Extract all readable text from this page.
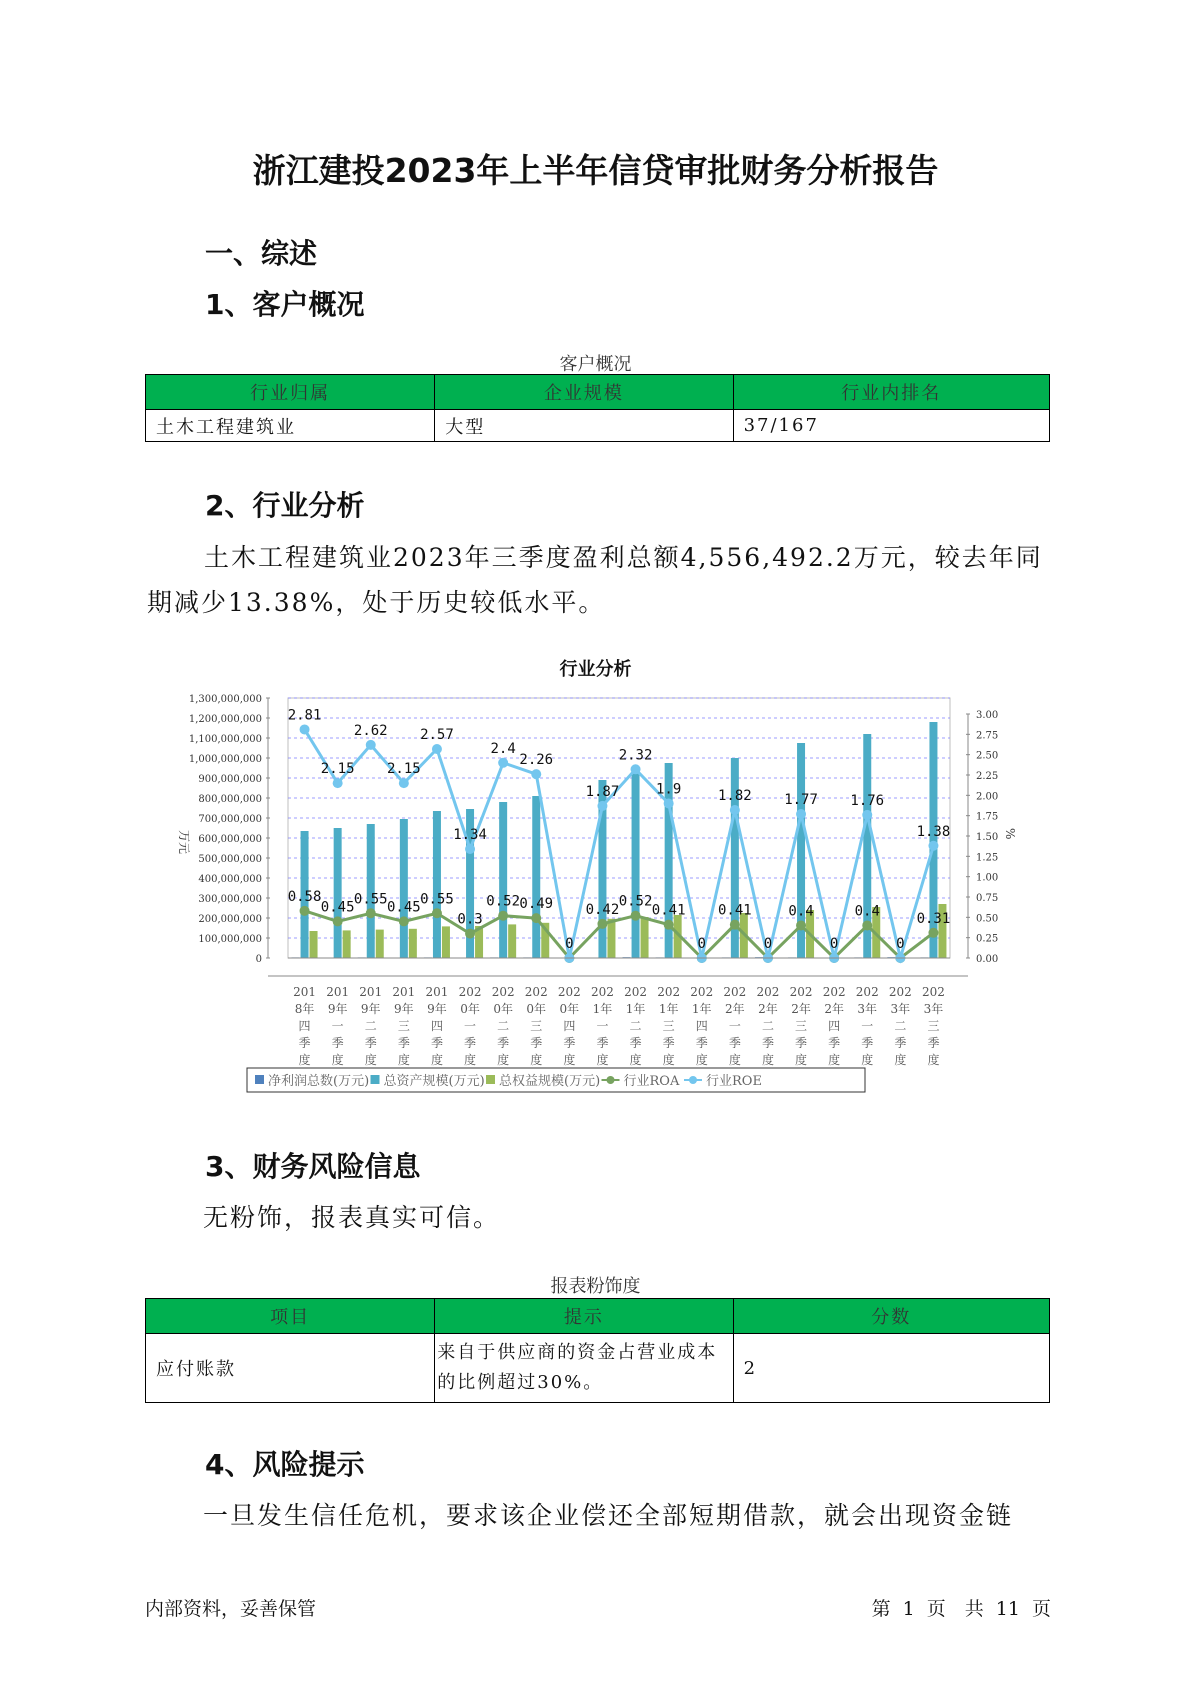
浙江建投2023年上半年信贷审批财务分析报告
一、综述
1、客户概况
客户概况
行业归属	企业规模	行业内排名
土木工程建筑业	大型	37/167
2、行业分析
土木工程建筑业2023年三季度盈利总额4,556,492.2万元，较去年同期减少13.38%，处于历史较低水平。
行业分析
万元	%
0.58
0.45
0.55
0.45
0.55
0.3
0.52 0.49
0
0.42
0.52
0.41
0
0.41
0
0.4
0
0.4
0
0.31
2.81
2.15
2.62
2.15
2.57
1.34
2.4
2.26
1.87
2.32
1.9	1.82 1.77 1.76
1.38
0
100,000,000
200,000,000
300,000,000
400,000,000
500,000,000
600,000,000
700,000,000
800,000,000
900,000,000
1,000,000,000
1,100,000,000
1,200,000,000
1,300,000,000
0.00
0.25
0.50
0.75
1.00
1.25
1.50
1.75
2.00
2.25
2.50
2.75
3.00
201
8年
四
季
度
201
9年
一
季
度
201
9年
二
季
度
201
9年
三
季
度
201
9年
四
季
度
202
0年
一
季
度
202
0年
二
季
度
202
0年
三
季
度
202
0年
四
季
度
202
1年
一
季
度
202
1年
二
季
度
202
1年
三
季
度
202
1年
四
季
度
202
2年
一
季
度
202
2年
二
季
度
202
2年
三
季
度
202
2年
四
季
度
202
3年
一
季
度
202
3年
二
季
度
202
3年
三
季
度
净利润总数(万元) 总资产规模(万元) 总权益规模(万元) 行业ROA 行业ROE
3、财务风险信息
无粉饰，报表真实可信。
报表粉饰度
项目	提示	分数
应付账款	来自于供应商的资金占营业成本的比例超过30%。	2
4、风险提示
一旦发生信任危机，要求该企业偿还全部短期借款，就会出现资金链
内部资料，妥善保管	第 1 页　共 11 页
